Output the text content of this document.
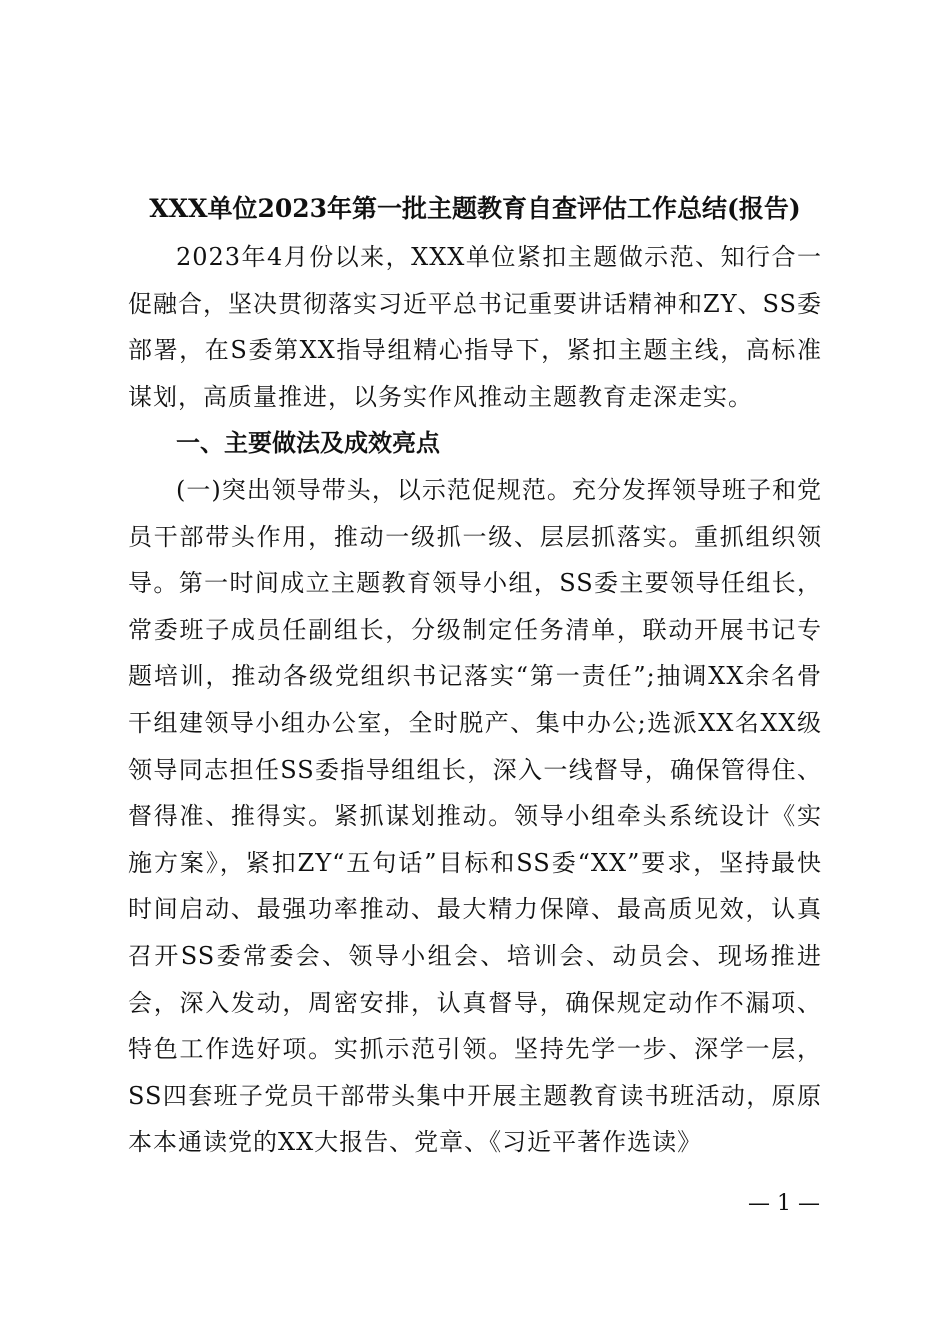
XXX单位2023年第一批主题教育自查评估工作总结(报告)

2023年4月份以来，XXX单位紧扣主题做示范、知行合一促融合，坚决贯彻落实习近平总书记重要讲话精神和ZY、SS委部署，在S委第XX指导组精心指导下，紧扣主题主线，高标准谋划，高质量推进，以务实作风推动主题教育走深走实。

一、主要做法及成效亮点

(一)突出领导带头，以示范促规范。充分发挥领导班子和党员干部带头作用，推动一级抓一级、层层抓落实。重抓组织领导。第一时间成立主题教育领导小组，SS委主要领导任组长，常委班子成员任副组长，分级制定任务清单，联动开展书记专题培训，推动各级党组织书记落实“第一责任”;抽调XX余名骨干组建领导小组办公室，全时脱产、集中办公;选派XX名XX级领导同志担任SS委指导组组长，深入一线督导，确保管得住、督得准、推得实。紧抓谋划推动。领导小组牵头系统设计《实施方案》，紧扣ZY“五句话”目标和SS委“XX”要求，坚持最快时间启动、最强功率推动、最大精力保障、最高质见效，认真召开SS委常委会、领导小组会、培训会、动员会、现场推进会，深入发动，周密安排，认真督导，确保规定动作不漏项、特色工作选好项。实抓示范引领。坚持先学一步、深学一层，SS四套班子党员干部带头集中开展主题教育读书班活动，原原本本通读党的XX大报告、党章、《习近平著作选读》

— 1 —
